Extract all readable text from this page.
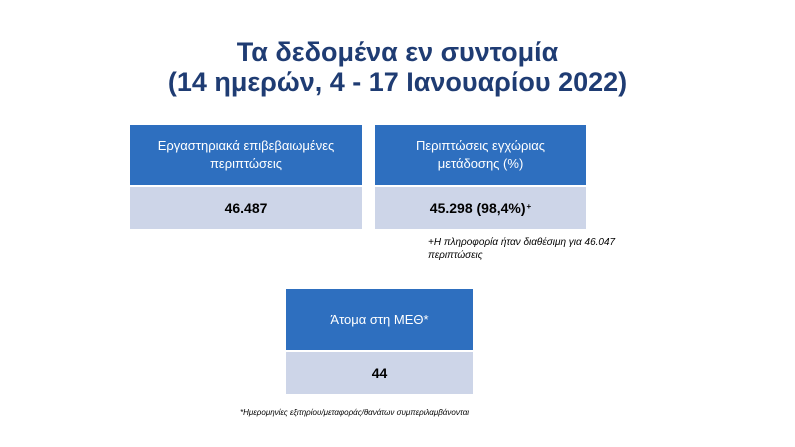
Τα δεδομένα εν συντομία
(14 ημερών, 4 - 17 Ιανουαρίου 2022)
Εργαστηριακά επιβεβαιωμένες
περιπτώσεις
46.487
Περιπτώσεις εγχώριας
μετάδοσης (%)
45.298 (98,4%)+
+Η πληροφορία ήταν διαθέσιμη για 46.047 περιπτώσεις
Άτομα στη ΜΕΘ*
44
*Ημερομηνίες εξιτηρίου/μεταφοράς/θανάτων συμπεριλαμβάνονται
